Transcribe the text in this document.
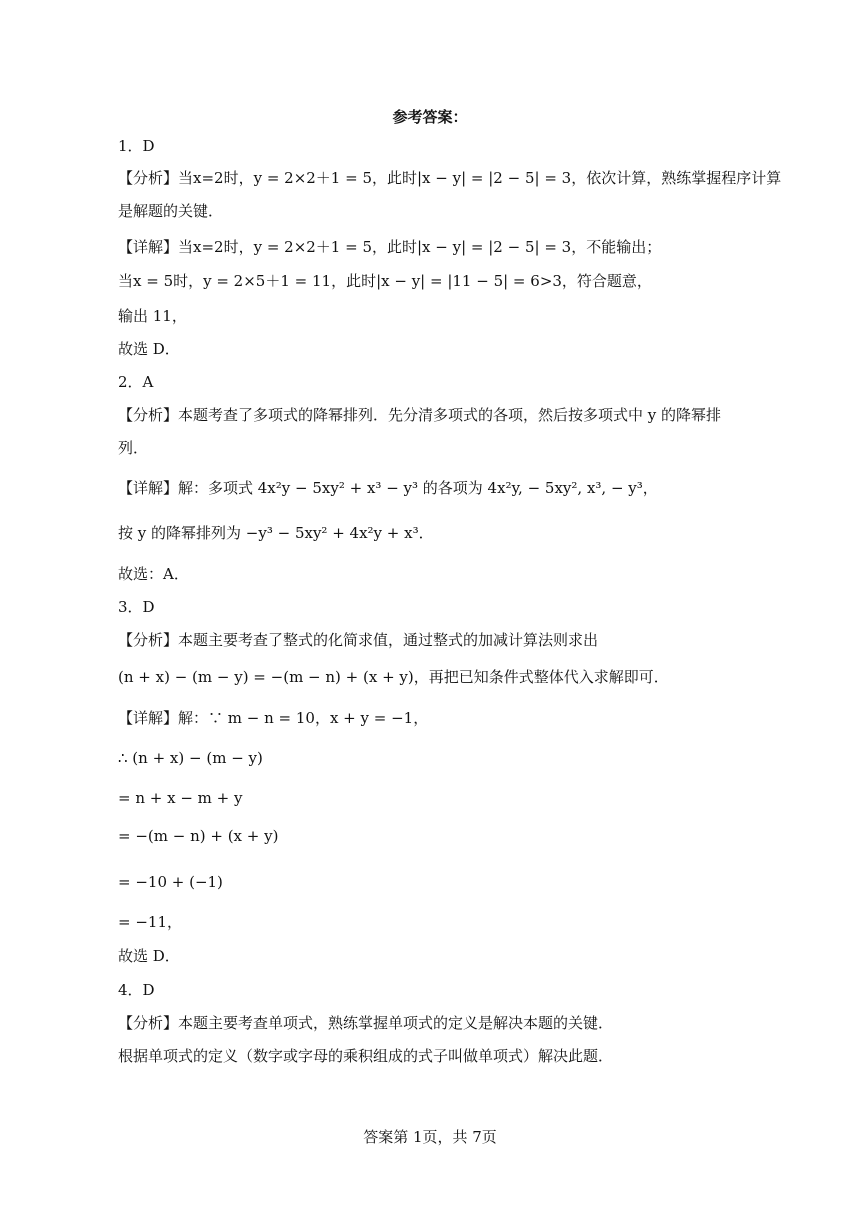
参考答案：
1．D
【分析】当x=2时，y = 2×2＋1 = 5，此时|x − y| = |2 − 5| = 3，依次计算，熟练掌握程序计算
是解题的关键．
【详解】当x=2时，y = 2×2＋1 = 5，此时|x − y| = |2 − 5| = 3，不能输出；
当x = 5时，y = 2×5＋1 = 11，此时|x − y| = |11 − 5| = 6>3，符合题意，
输出 11，
故选 D．
2．A
【分析】本题考查了多项式的降幂排列．先分清多项式的各项，然后按多项式中 y 的降幂排
列．
【详解】解：多项式 4x²y − 5xy² + x³ − y³ 的各项为 4x²y, − 5xy², x³, − y³，
按 y 的降幂排列为 −y³ − 5xy² + 4x²y + x³．
故选：A．
3．D
【分析】本题主要考查了整式的化简求值，通过整式的加减计算法则求出
(n + x) − (m − y) = −(m − n) + (x + y)，再把已知条件式整体代入求解即可．
【详解】解：∵ m − n = 10，x + y = −1，
∴ (n + x) − (m − y)
= n + x − m + y
= −(m − n) + (x + y)
= −10 + (−1)
= −11，
故选 D．
4．D
【分析】本题主要考查单项式，熟练掌握单项式的定义是解决本题的关键．
根据单项式的定义（数字或字母的乘积组成的式子叫做单项式）解决此题．
答案第 1页，共 7页
